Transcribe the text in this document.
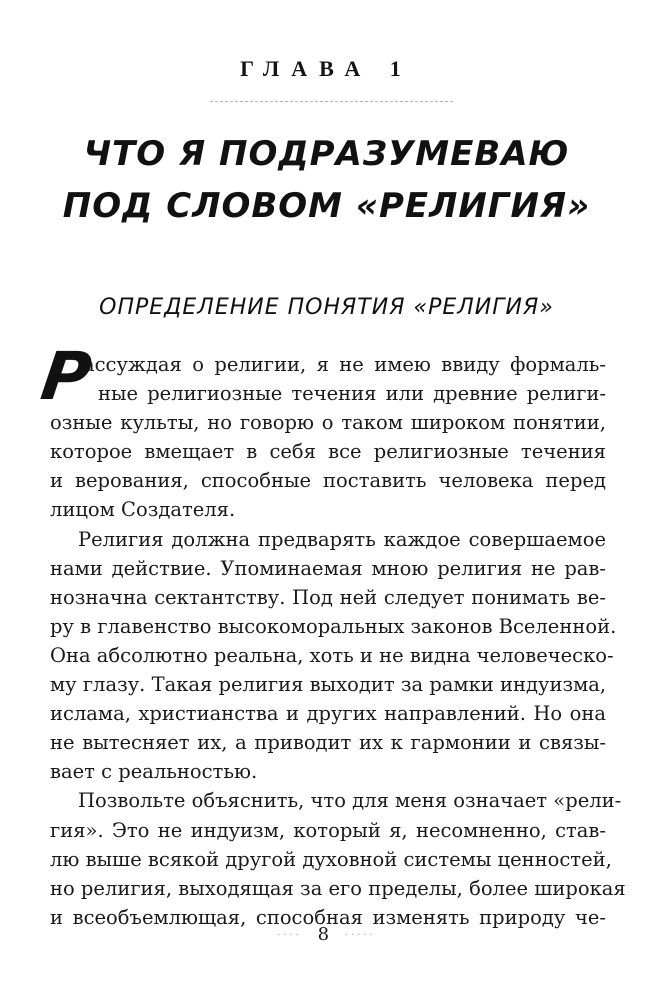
ГЛАВА 1
ЧТО Я ПОДРАЗУМЕВАЮ
ПОД СЛОВОМ «РЕЛИГИЯ»
ОПРЕДЕЛЕНИЕ ПОНЯТИЯ «РЕЛИГИЯ»
Р
ассуждая о религии, я не имею ввиду формаль-
ные религиозные течения или древние религи-
озные культы, но говорю о таком широком понятии,
которое вмещает в себя все религиозные течения
и верования, способные поставить человека перед
лицом Создателя.
Религия должна предварять каждое совершаемое
нами действие. Упоминаемая мною религия не рав-
нозначна сектантству. Под ней следует понимать ве-
ру в главенство высокоморальных законов Вселенной.
Она абсолютно реальна, хоть и не видна человеческо-
му глазу. Такая религия выходит за рамки индуизма,
ислама, христианства и других направлений. Но она
не вытесняет их, а приводит их к гармонии и связы-
вает с реальностью.
Позвольте объяснить, что для меня означает «рели-
гия». Это не индуизм, который я, несомненно, став-
лю выше всякой другой духовной системы ценностей,
но религия, выходящая за его пределы, более широкая
и всеобъемлющая, способная изменять природу че-
···· 8 ·····
